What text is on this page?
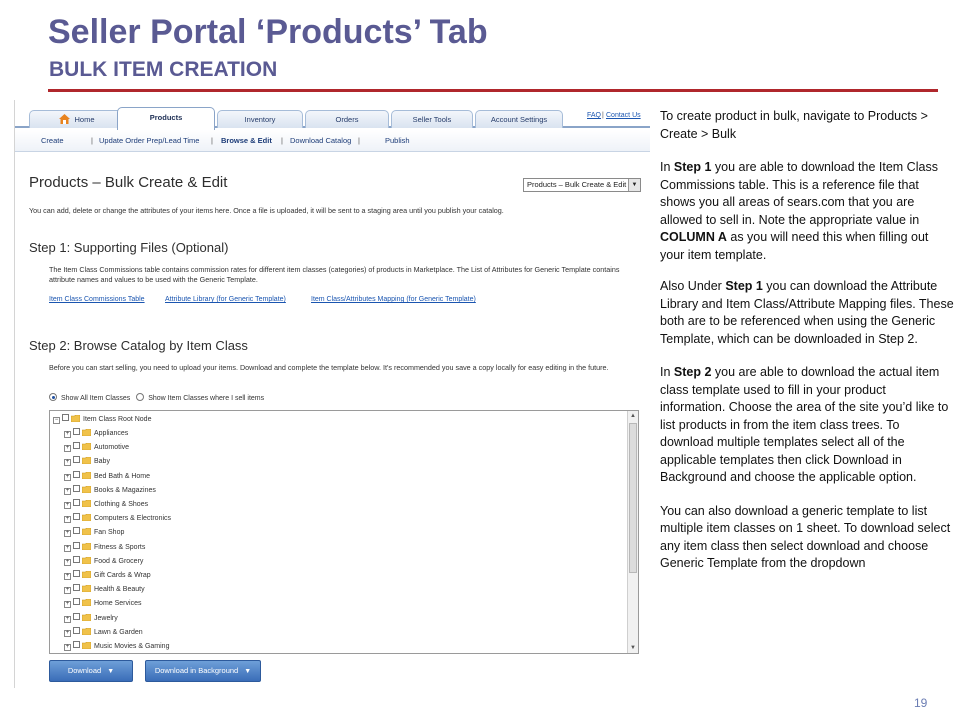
Seller Portal ‘Products’ Tab
BULK ITEM CREATION
Home	Products	Inventory	Orders	Seller Tools	Account Settings	FAQ | Contact Us
Create	| Update Order Prep/Lead Time | Browse & Edit | Download Catalog |	Publish
Products – Bulk Create & Edit	Products – Bulk Create & Edit ▼
You can add, delete or change the attributes of your items here. Once a file is uploaded, it will be sent to a staging area until you publish your catalog.
Step 1: Supporting Files (Optional)
The Item Class Commissions table contains commission rates for different item classes (categories) of products in Marketplace. The List of Attributes for Generic Template contains attribute names and values to be used with the Generic Template.
Item Class Commissions Table	Attribute Library (for Generic Template)	Item Class/Attributes Mapping (for Generic Template)
Step 2: Browse Catalog by Item Class
Before you can start selling, you need to upload your items. Download and complete the template below. It's recommended you save a copy locally for easy editing in the future.
Show All Item Classes	Show Item Classes where I sell items
−	Item Class Root Node
+	Appliances
+	Automotive
+	Baby
+	Bed Bath & Home
+	Books & Magazines
+	Clothing & Shoes
+	Computers & Electronics
+	Fan Shop
+	Fitness & Sports
+	Food & Grocery
+	Gift Cards & Wrap
+	Health & Beauty
+	Home Services
+	Jewelry
+	Lawn & Garden
+	Music Movies & Gaming
▲
▼
Download ▼	Download in Background ▼

To create product in bulk, navigate to Products > Create > Bulk

In Step 1 you are able to download the Item Class Commissions table. This is a reference file that shows you all areas of sears.com that you are allowed to sell in. Note the appropriate value in COLUMN A as you will need this when filling out your item template.

Also Under Step 1 you can download the Attribute Library and Item Class/Attribute Mapping files. These both are to be referenced when using the Generic Template, which can be downloaded in Step 2.

In Step 2 you are able to download the actual item class template used to fill in your product information. Choose the area of the site you’d like to list products in from the item class trees. To download multiple templates select all of the applicable templates then click Download in Background and choose the applicable option.

You can also download a generic template to list multiple item classes on 1 sheet. To download select any item class then select download and choose Generic Template from the dropdown

19
